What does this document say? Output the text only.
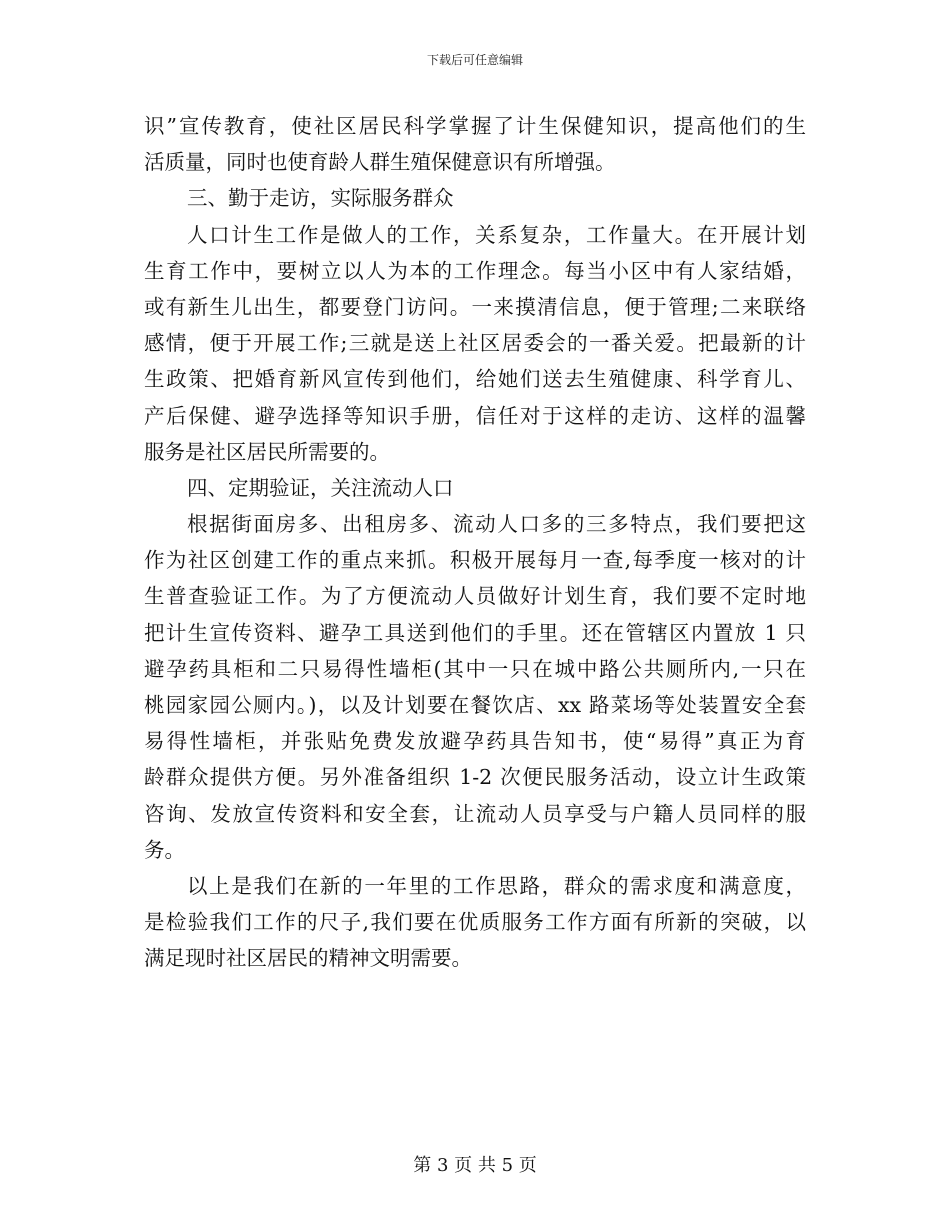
下载后可任意编辑
识”宣传教育，使社区居民科学掌握了计生保健知识，提高他们的生
活质量，同时也使育龄人群生殖保健意识有所增强。
三、勤于走访，实际服务群众
人口计生工作是做人的工作，关系复杂，工作量大。在开展计划
生育工作中，要树立以人为本的工作理念。每当小区中有人家结婚，
或有新生儿出生，都要登门访问。一来摸清信息，便于管理;二来联络
感情，便于开展工作;三就是送上社区居委会的一番关爱。把最新的计
生政策、把婚育新风宣传到他们，给她们送去生殖健康、科学育儿、
产后保健、避孕选择等知识手册，信任对于这样的走访、这样的温馨
服务是社区居民所需要的。
四、定期验证，关注流动人口
根据街面房多、出租房多、流动人口多的三多特点，我们要把这
作为社区创建工作的重点来抓。积极开展每月一查,每季度一核对的计
生普查验证工作。为了方便流动人员做好计划生育，我们要不定时地
把计生宣传资料、避孕工具送到他们的手里。还在管辖区内置放 1 只
避孕药具柜和二只易得性墙柜(其中一只在城中路公共厕所内,一只在
桃园家园公厕内。)，以及计划要在餐饮店、xx 路菜场等处装置安全套
易得性墙柜，并张贴免费发放避孕药具告知书，使“易得”真正为育
龄群众提供方便。另外准备组织 1-2 次便民服务活动，设立计生政策
咨询、发放宣传资料和安全套，让流动人员享受与户籍人员同样的服
务。
以上是我们在新的一年里的工作思路，群众的需求度和满意度，
是检验我们工作的尺子,我们要在优质服务工作方面有所新的突破，以
满足现时社区居民的精神文明需要。
第 3 页 共 5 页
